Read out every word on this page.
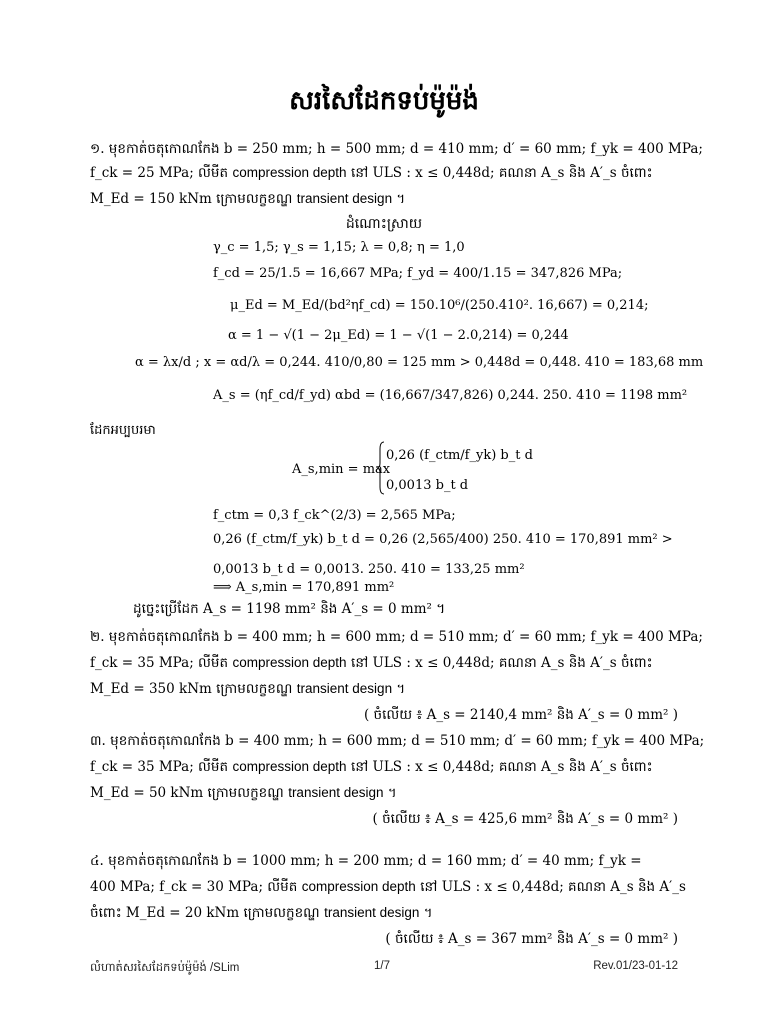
សរសៃដែកទប់ម៉ូម៉ង់
១. មុខកាត់ចតុកោណកែង b = 250 mm; h = 500 mm; d = 410 mm; d′ = 60 mm; f_yk = 400 MPa;
f_ck = 25 MPa; លីមីត compression depth នៅ ULS : x ≤ 0,448d; គណនា A_s និង A′_s ចំពោះ
M_Ed = 150 kNm ក្រោមលក្ខខណ្ឌ transient design ។
ដំណោះស្រាយ
γ_c = 1,5; γ_s = 1,15; λ = 0,8; η = 1,0
f_cd = 25/1.5 = 16,667 MPa; f_yd = 400/1.15 = 347,826 MPa;
μ_Ed = M_Ed/(bd²ηf_cd) = 150.10⁶/(250.410². 16,667) = 0,214;
α = 1 − √(1 − 2μ_Ed) = 1 − √(1 − 2.0,214) = 0,244
α = λx/d ; x = αd/λ = 0,244. 410/0,80 = 125 mm > 0,448d = 0,448. 410 = 183,68 mm
A_s = (ηf_cd/f_yd) αbd = (16,667/347,826) 0,244. 250. 410 = 1198 mm²
ដែកអប្បបរមា
A_s,min = max
0,26 (f_ctm/f_yk) b_t d
0,0013 b_t d
f_ctm = 0,3 f_ck^(2/3) = 2,565 MPa;
0,26 (f_ctm/f_yk) b_t d = 0,26 (2,565/400) 250. 410 = 170,891 mm² >
0,0013 b_t d = 0,0013. 250. 410 = 133,25 mm²
⟹ A_s,min = 170,891 mm²
ដូច្នេះប្រើដែក A_s = 1198 mm² និង A′_s = 0 mm² ។
២. មុខកាត់ចតុកោណកែង b = 400 mm; h = 600 mm; d = 510 mm; d′ = 60 mm; f_yk = 400 MPa;
f_ck = 35 MPa; លីមីត compression depth នៅ ULS : x ≤ 0,448d; គណនា A_s និង A′_s ចំពោះ
M_Ed = 350 kNm ក្រោមលក្ខខណ្ឌ transient design ។
( ចំលើយ ៖ A_s = 2140,4 mm² និង A′_s = 0 mm² )
៣. មុខកាត់ចតុកោណកែង b = 400 mm; h = 600 mm; d = 510 mm; d′ = 60 mm; f_yk = 400 MPa;
f_ck = 35 MPa; លីមីត compression depth នៅ ULS : x ≤ 0,448d; គណនា A_s និង A′_s ចំពោះ
M_Ed = 50 kNm ក្រោមលក្ខខណ្ឌ transient design ។
( ចំលើយ ៖ A_s = 425,6 mm² និង A′_s = 0 mm² )
៤. មុខកាត់ចតុកោណកែង b = 1000 mm; h = 200 mm; d = 160 mm; d′ = 40 mm; f_yk =
400 MPa; f_ck = 30 MPa; លីមីត compression depth នៅ ULS : x ≤ 0,448d; គណនា A_s និង A′_s
ចំពោះ M_Ed = 20 kNm ក្រោមលក្ខខណ្ឌ transient design ។
( ចំលើយ ៖ A_s = 367 mm² និង A′_s = 0 mm² )
លំហាត់សរសៃដែកទប់ម៉ូម៉ង់ /SLim	1/7	Rev.01/23-01-12
